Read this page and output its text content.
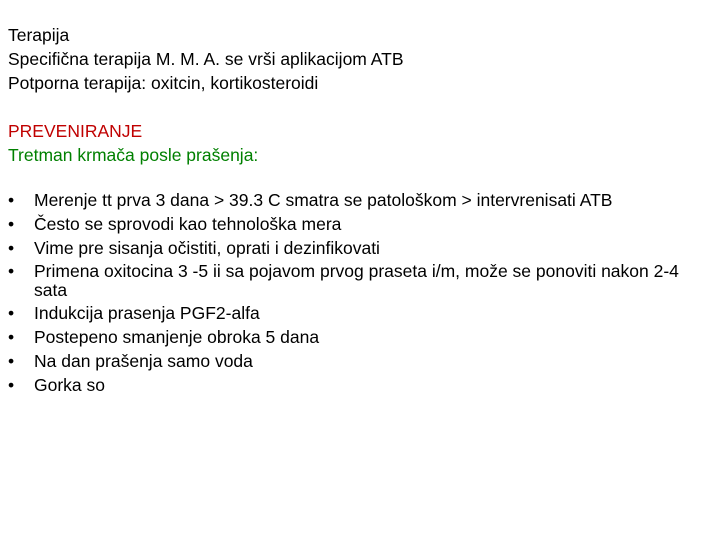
Terapija
Specifična terapija M. M. A. se vrši aplikacijom ATB
Potporna terapija: oxitcin, kortikosteroidi
PREVENIRANJE
Tretman krmača posle prašenja:
•	Merenje tt prva 3 dana > 39.3 C smatra se patološkom > intervrenisati ATB
•	Često se sprovodi kao tehnološka mera
•	Vime pre sisanja očistiti, oprati i dezinfikovati
•	Primena oxitocina 3 -5 ii sa pojavom prvog praseta i/m, može se ponoviti nakon 2-4 sata
•	Indukcija prasenja PGF2-alfa
•	Postepeno smanjenje obroka 5 dana
•	Na dan prašenja samo voda
•	Gorka so
